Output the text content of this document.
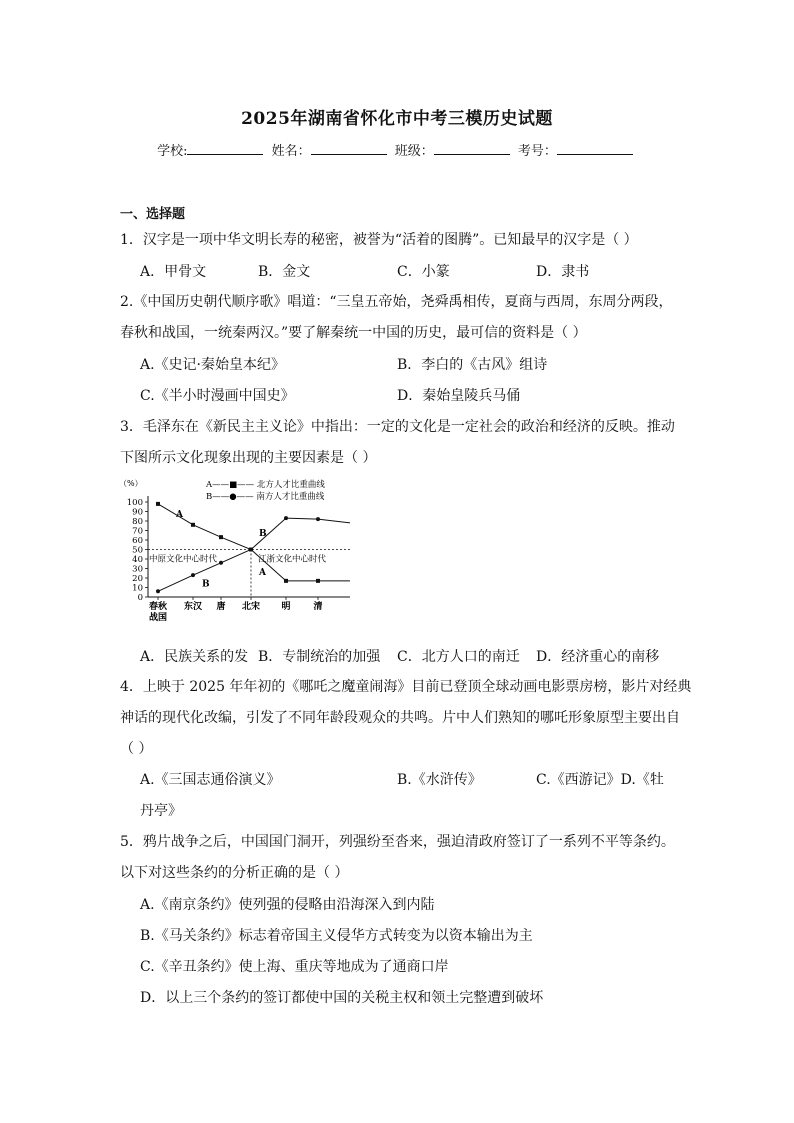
2025年湖南省怀化市中考三模历史试题
学校:	姓名：	班级：	考号：
一、选择题
1．汉字是一项中华文明长寿的秘密，被誉为“活着的图腾”。已知最早的汉字是（ ）
A．甲骨文	B．金文	C．小篆	D．隶书
2.《中国历史朝代顺序歌》唱道：“三皇五帝始，尧舜禹相传，夏商与西周，东周分两段，
春秋和战国，一统秦两汉。”要了解秦统一中国的历史，最可信的资料是（ ）
A.《史记·秦始皇本纪》	B．李白的《古风》组诗
C.《半小时漫画中国史》	D．秦始皇陵兵马俑
3．毛泽东在《新民主主义论》中指出：一定的文化是一定社会的政治和经济的反映。推动
下图所示文化现象出现的主要因素是（ ）
（%）
0
10
20
30
40
50
60
70
80
90
100
春秋
战国
东汉 唐 北宋 明	清
中原文化中心时代	江浙文化中心时代
A
B
B
A
A——■—— 北方人才比重曲线
B——●—— 南方人才比重曲线
A．民族关系的发 B．专制统治的加强 C．北方人口的南迁 D．经济重心的南移
4．上映于 2025 年年初的《哪吒之魔童闹海》目前已登顶全球动画电影票房榜，影片对经典
神话的现代化改编，引发了不同年龄段观众的共鸣。片中人们熟知的哪吒形象原型主要出自
（ ）
A.《三国志通俗演义》	B.《水浒传》	C.《西游记》D.《牡
丹亭》
5．鸦片战争之后，中国国门洞开，列强纷至沓来，强迫清政府签订了一系列不平等条约。
以下对这些条约的分析正确的是（ ）
A.《南京条约》使列强的侵略由沿海深入到内陆
B.《马关条约》标志着帝国主义侵华方式转变为以资本输出为主
C.《辛丑条约》使上海、重庆等地成为了通商口岸
D．以上三个条约的签订都使中国的关税主权和领土完整遭到破坏
